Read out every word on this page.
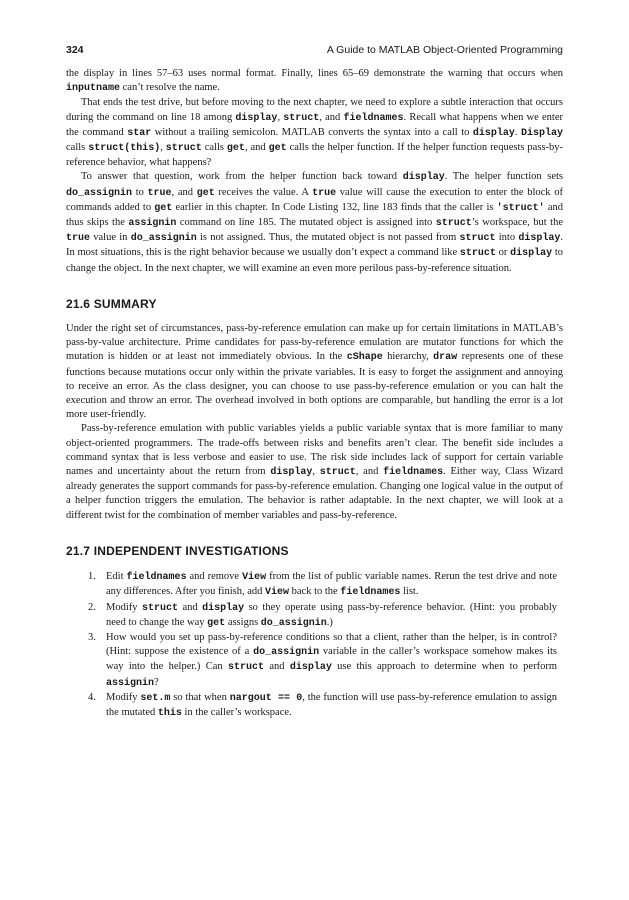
324	A Guide to MATLAB Object-Oriented Programming

the display in lines 57–63 uses normal format. Finally, lines 65–69 demonstrate the warning that occurs when inputname can’t resolve the name.

That ends the test drive, but before moving to the next chapter, we need to explore a subtle interaction that occurs during the command on line 18 among display, struct, and fieldnames. Recall what happens when we enter the command star without a trailing semicolon. MATLAB converts the syntax into a call to display. Display calls struct(this), struct calls get, and get calls the helper function. If the helper function requests pass-by-reference behavior, what happens?

To answer that question, work from the helper function back toward display. The helper function sets do_assignin to true, and get receives the value. A true value will cause the execution to enter the block of commands added to get earlier in this chapter. In Code Listing 132, line 183 finds that the caller is 'struct' and thus skips the assignin command on line 185. The mutated object is assigned into struct’s workspace, but the true value in do_assignin is not assigned. Thus, the mutated object is not passed from struct into display. In most situations, this is the right behavior because we usually don’t expect a command like struct or display to change the object. In the next chapter, we will examine an even more perilous pass-by-reference situation.

21.6 SUMMARY

Under the right set of circumstances, pass-by-reference emulation can make up for certain limitations in MATLAB’s pass-by-value architecture. Prime candidates for pass-by-reference emulation are mutator functions for which the mutation is hidden or at least not immediately obvious. In the cShape hierarchy, draw represents one of these functions because mutations occur only within the private variables. It is easy to forget the assignment and annoying to receive an error. As the class designer, you can choose to use pass-by-reference emulation or you can halt the execution and throw an error. The overhead involved in both options are comparable, but handling the error is a lot more user-friendly.

Pass-by-reference emulation with public variables yields a public variable syntax that is more familiar to many object-oriented programmers. The trade-offs between risks and benefits aren’t clear. The benefit side includes a command syntax that is less verbose and easier to use. The risk side includes lack of support for certain variable names and uncertainty about the return from display, struct, and fieldnames. Either way, Class Wizard already generates the support commands for pass-by-reference emulation. Changing one logical value in the output of a helper function triggers the emulation. The behavior is rather adaptable. In the next chapter, we will look at a different twist for the combination of member variables and pass-by-reference.

21.7 INDEPENDENT INVESTIGATIONS
1. Edit fieldnames and remove View from the list of public variable names. Rerun the test drive and note any differences. After you finish, add View back to the fieldnames list.
2. Modify struct and display so they operate using pass-by-reference behavior. (Hint: you probably need to change the way get assigns do_assignin.)
3. How would you set up pass-by-reference conditions so that a client, rather than the helper, is in control? (Hint: suppose the existence of a do_assignin variable in the caller’s workspace somehow makes its way into the helper.) Can struct and display use this approach to determine when to perform assignin?
4. Modify set.m so that when nargout == 0, the function will use pass-by-reference emulation to assign the mutated this in the caller’s workspace.
